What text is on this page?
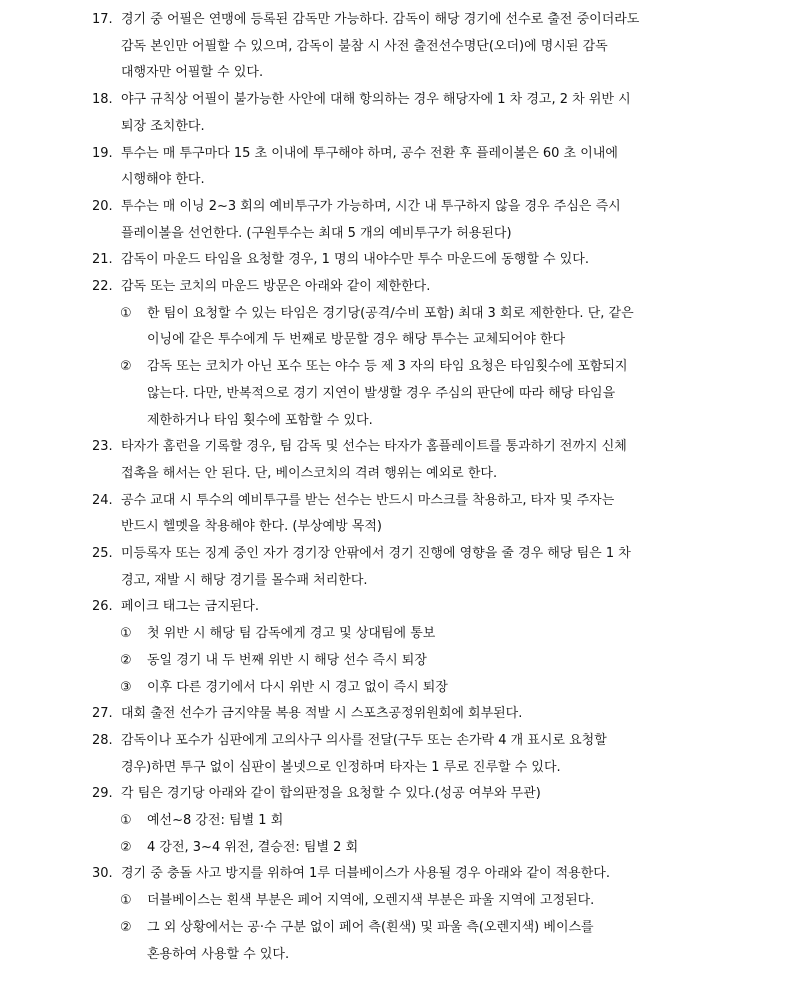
17. 경기 중 어필은 연맹에 등록된 감독만 가능하다. 감독이 해당 경기에 선수로 출전 중이더라도
감독 본인만 어필할 수 있으며, 감독이 불참 시 사전 출전선수명단(오더)에 명시된 감독
대행자만 어필할 수 있다.
18. 야구 규칙상 어필이 불가능한 사안에 대해 항의하는 경우 해당자에 1 차 경고, 2 차 위반 시
퇴장 조치한다.
19. 투수는 매 투구마다 15 초 이내에 투구해야 하며, 공수 전환 후 플레이볼은 60 초 이내에
시행해야 한다.
20. 투수는 매 이닝 2~3 회의 예비투구가 가능하며, 시간 내 투구하지 않을 경우 주심은 즉시
플레이볼을 선언한다. (구원투수는 최대 5 개의 예비투구가 허용된다)
21. 감독이 마운드 타임을 요청할 경우, 1 명의 내야수만 투수 마운드에 동행할 수 있다.
22. 감독 또는 코치의 마운드 방문은 아래와 같이 제한한다.
① 한 팀이 요청할 수 있는 타임은 경기당(공격/수비 포함) 최대 3 회로 제한한다. 단, 같은
이닝에 같은 투수에게 두 번째로 방문할 경우 해당 투수는 교체되어야 한다
② 감독 또는 코치가 아닌 포수 또는 야수 등 제 3 자의 타임 요청은 타임횟수에 포함되지
않는다. 다만, 반복적으로 경기 지연이 발생할 경우 주심의 판단에 따라 해당 타임을
제한하거나 타임 횟수에 포함할 수 있다.
23. 타자가 홈런을 기록할 경우, 팀 감독 및 선수는 타자가 홈플레이트를 통과하기 전까지 신체
접촉을 해서는 안 된다. 단, 베이스코치의 격려 행위는 예외로 한다.
24. 공수 교대 시 투수의 예비투구를 받는 선수는 반드시 마스크를 착용하고, 타자 및 주자는
반드시 헬멧을 착용해야 한다. (부상예방 목적)
25. 미등록자 또는 징계 중인 자가 경기장 안팎에서 경기 진행에 영향을 줄 경우 해당 팀은 1 차
경고, 재발 시 해당 경기를 몰수패 처리한다.
26. 페이크 태그는 금지된다.
① 첫 위반 시 해당 팀 감독에게 경고 및 상대팀에 통보
② 동일 경기 내 두 번째 위반 시 해당 선수 즉시 퇴장
③ 이후 다른 경기에서 다시 위반 시 경고 없이 즉시 퇴장
27. 대회 출전 선수가 금지약물 복용 적발 시 스포츠공정위원회에 회부된다.
28. 감독이나 포수가 심판에게 고의사구 의사를 전달(구두 또는 손가락 4 개 표시로 요청할
경우)하면 투구 없이 심판이 볼넷으로 인정하며 타자는 1 루로 진루할 수 있다.
29. 각 팀은 경기당 아래와 같이 합의판정을 요청할 수 있다.(성공 여부와 무관)
① 예선~8 강전: 팀별 1 회
② 4 강전, 3~4 위전, 결승전: 팀별 2 회
30. 경기 중 충돌 사고 방지를 위하여 1루 더블베이스가 사용될 경우 아래와 같이 적용한다.
① 더블베이스는 흰색 부분은 페어 지역에, 오렌지색 부분은 파울 지역에 고정된다.
② 그 외 상황에서는 공·수 구분 없이 페어 측(흰색) 및 파울 측(오렌지색) 베이스를
혼용하여 사용할 수 있다.
